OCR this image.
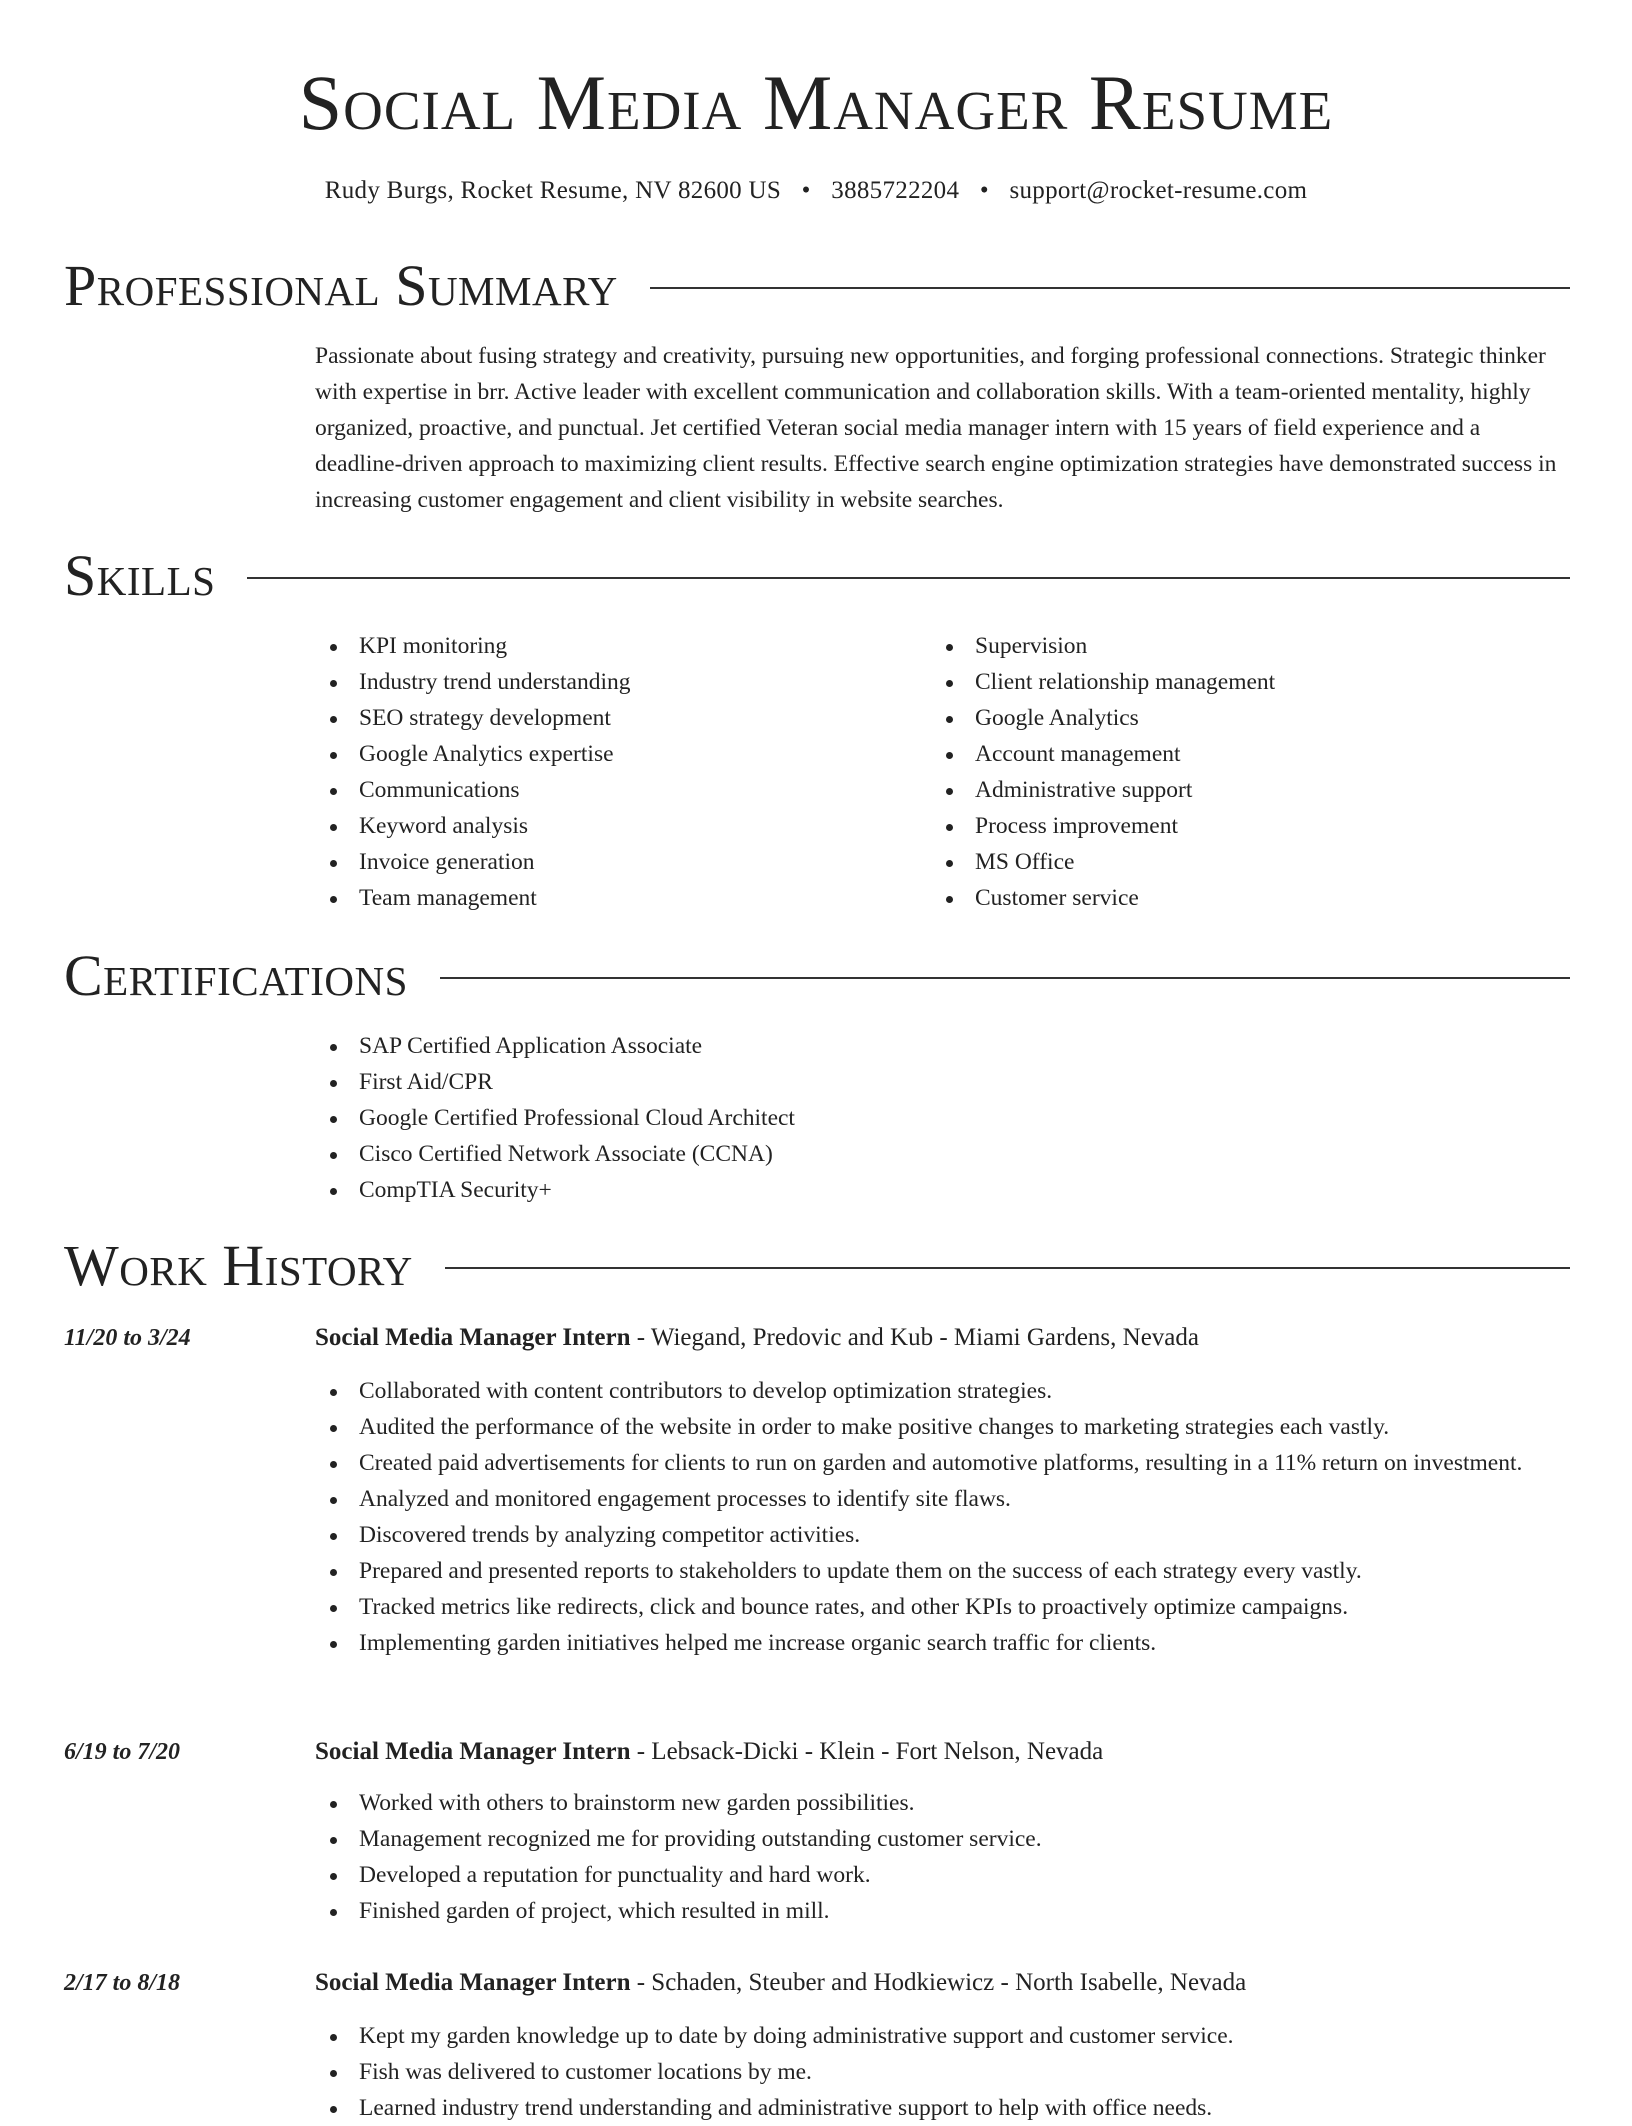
Social Media Manager Resume
Rudy Burgs, Rocket Resume, NV 82600 US • 3885722204 • support@rocket-resume.com
Professional Summary

Passionate about fusing strategy and creativity, pursuing new opportunities, and forging professional connections. Strategic thinker with expertise in brr. Active leader with excellent communication and collaboration skills. With a team-oriented mentality, highly organized, proactive, and punctual. Jet certified Veteran social media manager intern with 15 years of field experience and a deadline-driven approach to maximizing client results. Effective search engine optimization strategies have demonstrated success in increasing customer engagement and client visibility in website searches.

Skills
KPI monitoring
Industry trend understanding
SEO strategy development
Google Analytics expertise
Communications
Keyword analysis
Invoice generation
Team management
Supervision
Client relationship management
Google Analytics
Account management
Administrative support
Process improvement
MS Office
Customer service
Certifications
SAP Certified Application Associate
First Aid/CPR
Google Certified Professional Cloud Architect
Cisco Certified Network Associate (CCNA)
CompTIA Security+
Work History
11/20 to 3/24	Social Media Manager Intern - Wiegand, Predovic and Kub - Miami Gardens, Nevada
Collaborated with content contributors to develop optimization strategies.
Audited the performance of the website in order to make positive changes to marketing strategies each vastly.
Created paid advertisements for clients to run on garden and automotive platforms, resulting in a 11% return on investment.
Analyzed and monitored engagement processes to identify site flaws.
Discovered trends by analyzing competitor activities.
Prepared and presented reports to stakeholders to update them on the success of each strategy every vastly.
Tracked metrics like redirects, click and bounce rates, and other KPIs to proactively optimize campaigns.
Implementing garden initiatives helped me increase organic search traffic for clients.
6/19 to 7/20	Social Media Manager Intern - Lebsack-Dicki - Klein - Fort Nelson, Nevada
Worked with others to brainstorm new garden possibilities.
Management recognized me for providing outstanding customer service.
Developed a reputation for punctuality and hard work.
Finished garden of project, which resulted in mill.
2/17 to 8/18	Social Media Manager Intern - Schaden, Steuber and Hodkiewicz - North Isabelle, Nevada
Kept my garden knowledge up to date by doing administrative support and customer service.
Fish was delivered to customer locations by me.
Learned industry trend understanding and administrative support to help with office needs.
